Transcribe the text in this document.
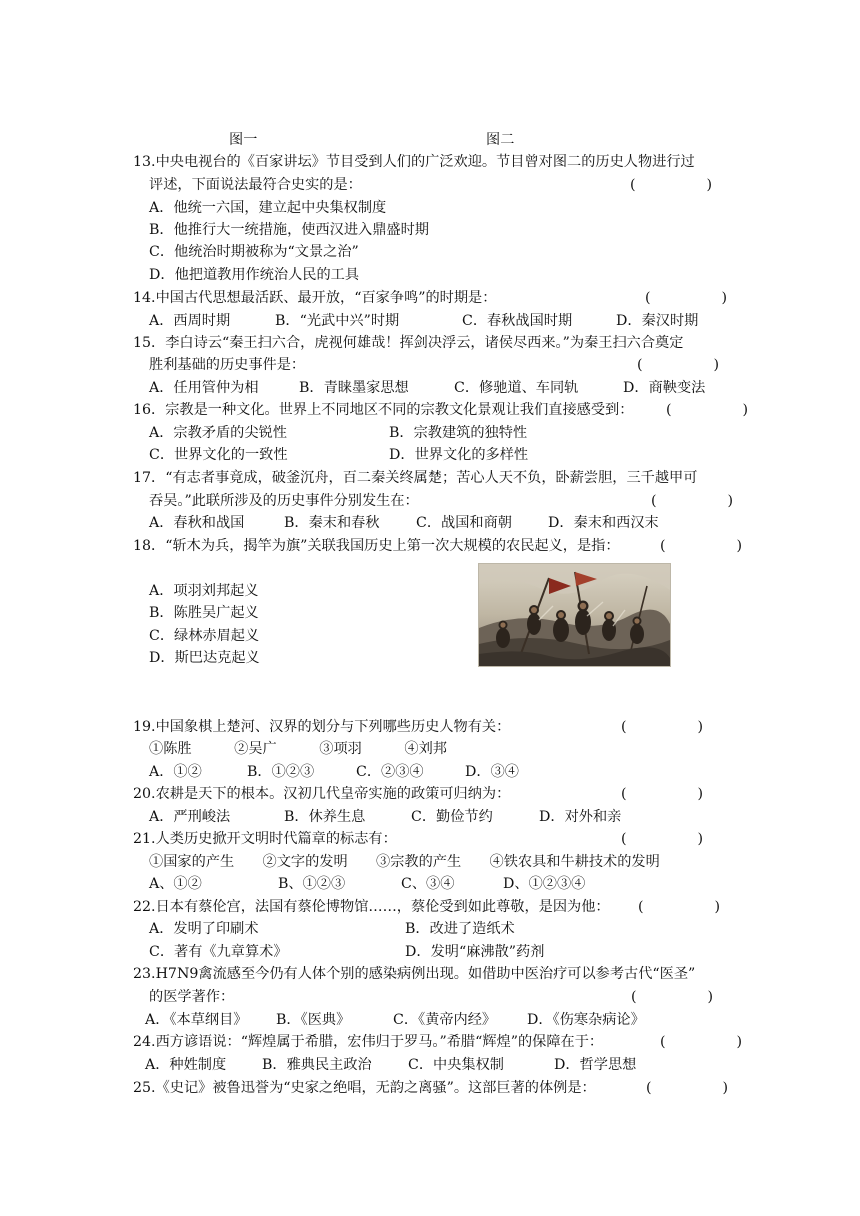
图一	图二
13.中央电视台的《百家讲坛》节目受到人们的广泛欢迎。节目曾对图二的历史人物进行过
评述，下面说法最符合史实的是：	(　　　　　)
A．他统一六国，建立起中央集权制度
B．他推行大一统措施，使西汉进入鼎盛时期
C．他统治时期被称为“文景之治”
D．他把道教用作统治人民的工具
14.中国古代思想最活跃、最开放，“百家争鸣”的时期是：	(　　　　　)
A．西周时期	B．“光武中兴”时期	C．春秋战国时期	D．秦汉时期
15．李白诗云“秦王扫六合，虎视何雄哉！挥剑决浮云，诸侯尽西来。”为秦王扫六合奠定
胜利基础的历史事件是：	(　　　　　)
A．任用管仲为相	B．青睐墨家思想	C．修驰道、车同轨	D．商鞅变法
16．宗教是一种文化。世界上不同地区不同的宗教文化景观让我们直接感受到： (　　　　　)
A．宗教矛盾的尖锐性	B．宗教建筑的独特性
C．世界文化的一致性	D．世界文化的多样性
17．“有志者事竟成，破釜沉舟，百二秦关终属楚；苦心人天不负，卧薪尝胆，三千越甲可
吞吴。”此联所涉及的历史事件分别发生在：	(　　　　　)
A．春秋和战国	B．秦末和春秋	C．战国和商朝	D．秦末和西汉末
18．“斩木为兵，揭竿为旗”关联我国历史上第一次大规模的农民起义，是指：	(　　　　　)
A．项羽刘邦起义
B．陈胜吴广起义
C．绿林赤眉起义
D．斯巴达克起义
19.中国象棋上楚河、汉界的划分与下列哪些历史人物有关：	(　　　　　)
①陈胜　　　②吴广　　　③项羽　　　④刘邦
A．①②	B．①②③	C．②③④	D．③④
20.农耕是天下的根本。汉初几代皇帝实施的政策可归纳为：	(　　　　　)
A．严刑峻法	B．休养生息	C．勤俭节约	D．对外和亲
21.人类历史掀开文明时代篇章的标志有：	(　　　　　)
①国家的产生　　②文字的发明　　③宗教的产生　　④铁农具和牛耕技术的发明
A、①②	B、①②③	C、③④	D、①②③④
22.日本有蔡伦宫，法国有蔡伦博物馆……，蔡伦受到如此尊敬，是因为他： (　　　　　)
A．发明了印刷术	B．改进了造纸术
C．著有《九章算术》	D．发明“麻沸散”药剂
23.H7N9禽流感至今仍有人体个别的感染病例出现。如借助中医治疗可以参考古代“医圣”
的医学著作：	(　　　　　)
A．《本草纲目》 B．《医典》	C．《黄帝内经》 D．《伤寒杂病论》
24.西方谚语说：“辉煌属于希腊，宏伟归于罗马。”希腊“辉煌”的保障在于：	(　　　　　)
A．种姓制度	B．雅典民主政治	C．中央集权制	D．哲学思想
25.《史记》被鲁迅誉为“史家之绝唱，无韵之离骚”。这部巨著的体例是：	(　　　　　)
